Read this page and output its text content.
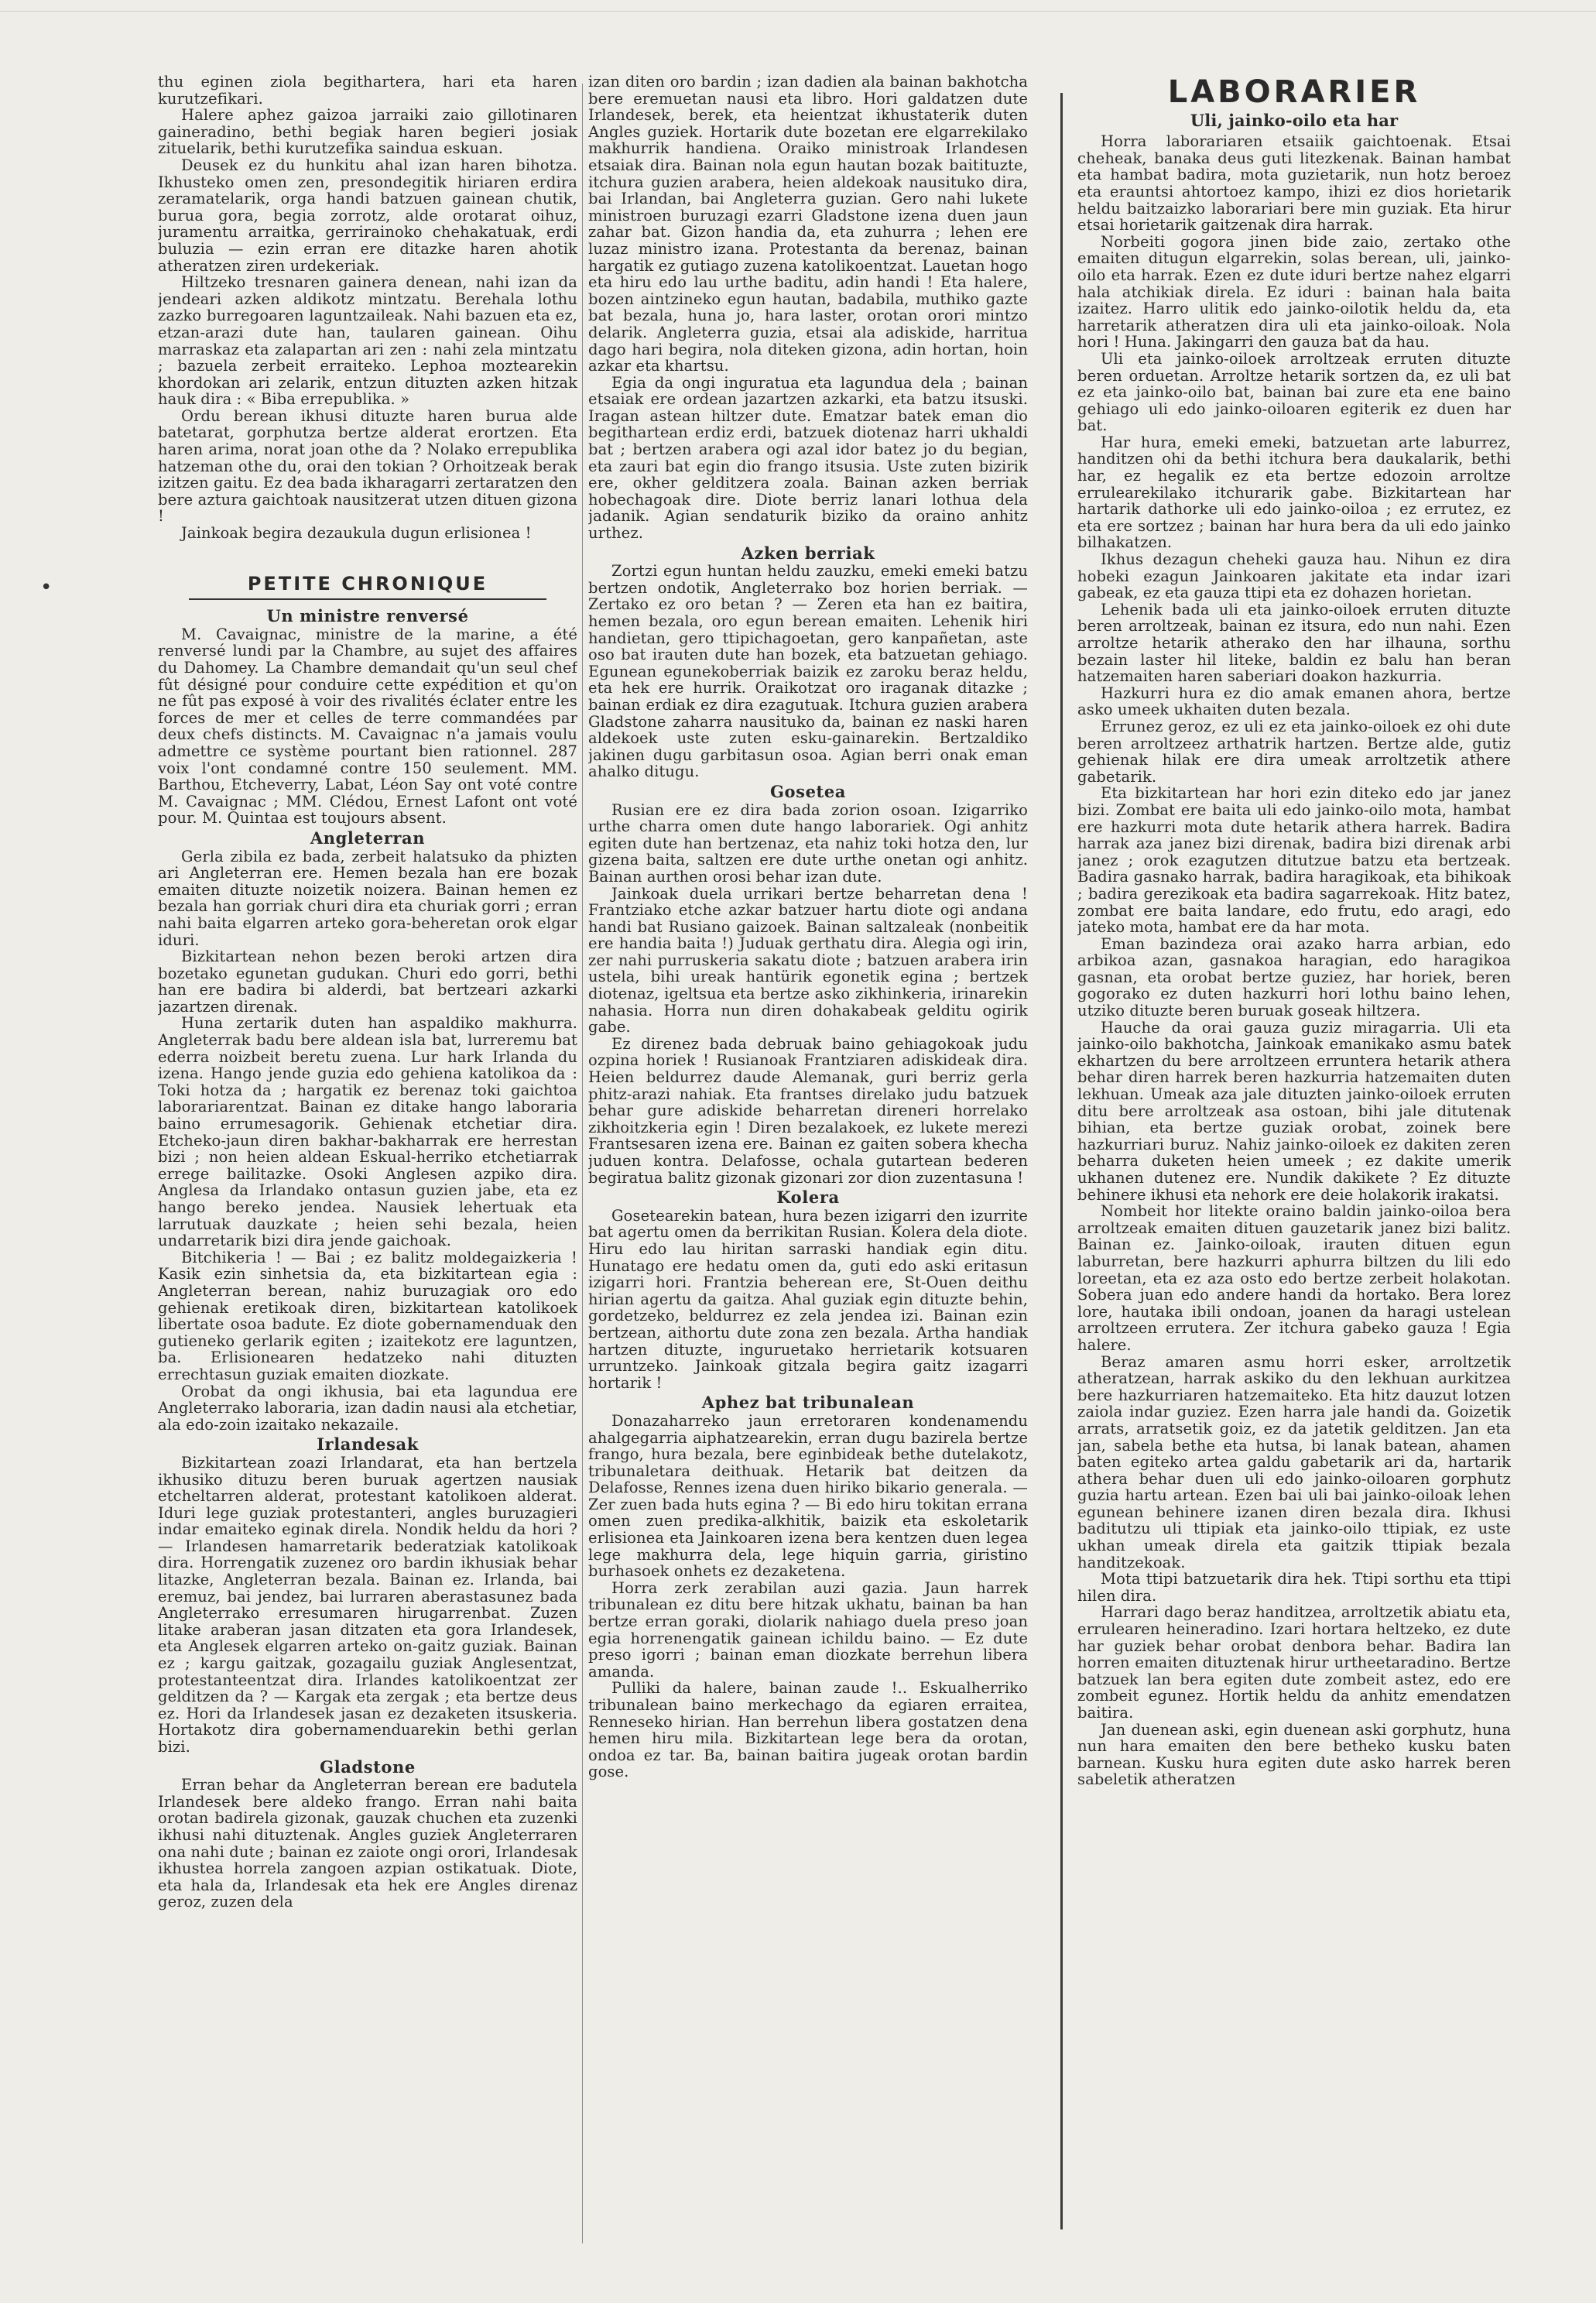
•

thu eginen ziola begithartera, hari eta haren kurutzefikari.

Halere aphez gaizoa jarraiki zaio gillotinaren gaineradino, bethi begiak haren begieri josiak zituelarik, bethi kurutzefika saindua eskuan.

Deusek ez du hunkitu ahal izan haren bihotza. Ikhusteko omen zen, presondegitik hiriaren erdira zeramatelarik, orga handi batzuen gainean chutik, burua gora, begia zorrotz, alde orotarat oihuz, juramentu arraitka, gerrirainoko chehakatuak, erdi buluzia — ezin erran ere ditazke haren ahotik atheratzen ziren urdekeriak.

Hiltzeko tresnaren gainera denean, nahi izan da jendeari azken aldikotz mintzatu. Berehala lothu zazko burregoaren laguntzaileak. Nahi bazuen eta ez, etzan-arazi dute han, taularen gainean. Oihu marraskaz eta zalapartan ari zen : nahi zela mintzatu ; bazuela zerbeit erraiteko. Lephoa moztearekin khordokan ari zelarik, entzun dituzten azken hitzak hauk dira : « Biba errepublika. »

Ordu berean ikhusi dituzte haren burua alde batetarat, gorphutza bertze alderat erortzen. Eta haren arima, norat joan othe da ? Nolako errepublika hatzeman othe du, orai den tokian ? Orhoitzeak berak izitzen gaitu. Ez dea bada ikharagarri zertaratzen den bere aztura gaichtoak nausitzerat utzen dituen gizona !

Jainkoak begira dezaukula dugun erlisionea !

PETITE CHRONIQUE
Un ministre renversé

M. Cavaignac, ministre de la marine, a été renversé lundi par la Chambre, au sujet des affaires du Dahomey. La Chambre demandait qu'un seul chef fût désigné pour conduire cette expédition et qu'on ne fût pas exposé à voir des rivalités éclater entre les forces de mer et celles de terre commandées par deux chefs distincts. M. Cavaignac n'a jamais voulu admettre ce système pourtant bien rationnel. 287 voix l'ont condamné contre 150 seulement. MM. Barthou, Etcheverry, Labat, Léon Say ont voté contre M. Cavaignac ; MM. Clédou, Ernest Lafont ont voté pour. M. Quintaa est toujours absent.

Angleterran

Gerla zibila ez bada, zerbeit halatsuko da phizten ari Angleterran ere. Hemen bezala han ere bozak emaiten dituzte noizetik noizera. Bainan hemen ez bezala han gorriak churi dira eta churiak gorri ; erran nahi baita elgarren arteko gora-beheretan orok elgar iduri.

Bizkitartean nehon bezen beroki artzen dira bozetako egunetan gudukan. Churi edo gorri, bethi han ere badira bi alderdi, bat bertzeari azkarki jazartzen direnak.

Huna zertarik duten han aspaldiko makhurra. Angleterrak badu bere aldean isla bat, lurreremu bat ederra noizbeit beretu zuena. Lur hark Irlanda du izena. Hango jende guzia edo gehiena katolikoa da : Toki hotza da ; hargatik ez berenaz toki gaichtoa laborariarentzat. Bainan ez ditake hango laboraria baino errumesagorik. Gehienak etchetiar dira. Etcheko-jaun diren bakhar-bakharrak ere herrestan bizi ; non heien aldean Eskual-herriko etchetiarrak errege bailitazke. Osoki Anglesen azpiko dira. Anglesa da Irlandako ontasun guzien jabe, eta ez hango bereko jendea. Nausiek lehertuak eta larrutuak dauzkate ; heien sehi bezala, heien undarretarik bizi dira jende gaichoak.

Bitchikeria ! — Bai ; ez balitz moldegaizkeria ! Kasik ezin sinhetsia da, eta bizkitartean egia : Angleterran berean, nahiz buruzagiak oro edo gehienak eretikoak diren, bizkitartean katolikoek libertate osoa badute. Ez diote gobernamenduak den gutieneko gerlarik egiten ; izaitekotz ere laguntzen, ba. Erlisionearen hedatzeko nahi dituzten errechtasun guziak emaiten diozkate.

Orobat da ongi ikhusia, bai eta lagundua ere Angleterrako laboraria, izan dadin nausi ala etchetiar, ala edo-zoin izaitako nekazaile.

Irlandesak

Bizkitartean zoazi Irlandarat, eta han bertzela ikhusiko dituzu beren buruak agertzen nausiak etcheltarren alderat, protestant katolikoen alderat. Iduri lege guziak protestanteri, angles buruzagieri indar emaiteko eginak direla. Nondik heldu da hori ? — Irlandesen hamarretarik bederatziak katolikoak dira. Horrengatik zuzenez oro bardin ikhusiak behar litazke, Angleterran bezala. Bainan ez. Irlanda, bai eremuz, bai jendez, bai lurraren aberastasunez bada Angleterrako erresumaren hirugarrenbat. Zuzen litake araberan jasan ditzaten eta gora Irlandesek, eta Anglesek elgarren arteko on-gaitz guziak. Bainan ez ; kargu gaitzak, gozagailu guziak Anglesentzat, protestanteentzat dira. Irlandes katolikoentzat zer gelditzen da ? — Kargak eta zergak ; eta bertze deus ez. Hori da Irlandesek jasan ez dezaketen itsuskeria. Hortakotz dira gobernamenduarekin bethi gerlan bizi.

Gladstone

Erran behar da Angleterran berean ere badutela Irlandesek bere aldeko frango. Erran nahi baita orotan badirela gizonak, gauzak chuchen eta zuzenki ikhusi nahi dituztenak. Angles guziek Angleterraren ona nahi dute ; bainan ez zaiote ongi orori, Irlandesak ikhustea horrela zangoen azpian ostikatuak. Diote, eta hala da, Irlandesak eta hek ere Angles direnaz geroz, zuzen dela

izan diten oro bardin ; izan dadien ala bainan bakhotcha bere eremuetan nausi eta libro. Hori galdatzen dute Irlandesek, berek, eta heientzat ikhustaterik duten Angles guziek. Hortarik dute bozetan ere elgarrekilako makhurrik handiena. Oraiko ministroak Irlandesen etsaiak dira. Bainan nola egun hautan bozak baitituzte, itchura guzien arabera, heien aldekoak nausituko dira, bai Irlandan, bai Angleterra guzian. Gero nahi lukete ministroen buruzagi ezarri Gladstone izena duen jaun zahar bat. Gizon handia da, eta zuhurra ; lehen ere luzaz ministro izana. Protestanta da berenaz, bainan hargatik ez gutiago zuzena katolikoentzat. Lauetan hogo eta hiru edo lau urthe baditu, adin handi ! Eta halere, bozen aintzineko egun hautan, badabila, muthiko gazte bat bezala, huna jo, hara laster, orotan orori mintzo delarik. Angleterra guzia, etsai ala adiskide, harritua dago hari begira, nola diteken gizona, adin hortan, hoin azkar eta khartsu.

Egia da ongi inguratua eta lagundua dela ; bainan etsaiak ere ordean jazartzen azkarki, eta batzu itsuski. Iragan astean hiltzer dute. Ematzar batek eman dio begithartean erdiz erdi, batzuek diotenaz harri ukhaldi bat ; bertzen arabera ogi azal idor batez jo du begian, eta zauri bat egin dio frango itsusia. Uste zuten bizirik ere, okher gelditzera zoala. Bainan azken berriak hobechagoak dire. Diote berriz lanari lothua dela jadanik. Agian sendaturik biziko da oraino anhitz urthez.

Azken berriak

Zortzi egun huntan heldu zauzku, emeki emeki batzu bertzen ondotik, Angleterrako boz horien berriak. — Zertako ez oro betan ? — Zeren eta han ez baitira, hemen bezala, oro egun berean emaiten. Lehenik hiri handietan, gero ttipichagoetan, gero kanpañetan, aste oso bat irauten dute han bozek, eta batzuetan gehiago. Egunean egunekoberriak baizik ez zaroku beraz heldu, eta hek ere hurrik. Oraikotzat oro iraganak ditazke ; bainan erdiak ez dira ezagutuak. Itchura guzien arabera Gladstone zaharra nausituko da, bainan ez naski haren aldekoek uste zuten esku-gainarekin. Bertzaldiko jakinen dugu garbitasun osoa. Agian berri onak eman ahalko ditugu.

Gosetea

Rusian ere ez dira bada zorion osoan. Izigarriko urthe charra omen dute hango laborariek. Ogi anhitz egiten dute han bertzenaz, eta nahiz toki hotza den, lur gizena baita, saltzen ere dute urthe onetan ogi anhitz. Bainan aurthen orosi behar izan dute.

Jainkoak duela urrikari bertze beharretan dena ! Frantziako etche azkar batzuer hartu diote ogi andana handi bat Rusiano gaizoek. Bainan saltzaleak (nonbeitik ere handia baita !) Juduak gerthatu dira. Alegia ogi irin, zer nahi purruskeria sakatu diote ; batzuen arabera irin ustela, bihi ureak hantürik egonetik egina ; bertzek diotenaz, igeltsua eta bertze asko zikhinkeria, irinarekin nahasia. Horra nun diren dohakabeak gelditu ogirik gabe.

Ez direnez bada debruak baino gehiagokoak judu ozpina horiek ! Rusianoak Frantziaren adiskideak dira. Heien beldurrez daude Alemanak, guri berriz gerla phitz-arazi nahiak. Eta frantses direlako judu batzuek behar gure adiskide beharretan direneri horrelako zikhoitzkeria egin ! Diren bezalakoek, ez lukete merezi Frantsesaren izena ere. Bainan ez gaiten sobera khecha juduen kontra. Delafosse, ochala gutartean bederen begiratua balitz gizonak gizonari zor dion zuzentasuna !

Kolera

Gosetearekin batean, hura bezen izigarri den izurrite bat agertu omen da berrikitan Rusian. Kolera dela diote. Hiru edo lau hiritan sarraski handiak egin ditu. Hunatago ere hedatu omen da, guti edo aski eritasun izigarri hori. Frantzia beherean ere, St-Ouen deithu hirian agertu da gaitza. Ahal guziak egin dituzte behin, gordetzeko, beldurrez ez zela jendea izi. Bainan ezin bertzean, aithortu dute zona zen bezala. Artha handiak hartzen dituzte, inguruetako herrietarik kotsuaren urruntzeko. Jainkoak gitzala begira gaitz izagarri hortarik !

Aphez bat tribunalean

Donazaharreko jaun erretoraren kondenamendu ahalgegarria aiphatzearekin, erran dugu bazirela bertze frango, hura bezala, bere eginbideak bethe dutelakotz, tribunaletara deithuak. Hetarik bat deitzen da Delafosse, Rennes izena duen hiriko bikario generala. — Zer zuen bada huts egina ? — Bi edo hiru tokitan errana omen zuen predika-alkhitik, baizik eta eskoletarik erlisionea eta Jainkoaren izena bera kentzen duen legea lege makhurra dela, lege hiquin garria, giristino burhasoek onhets ez dezaketena.

Horra zerk zerabilan auzi gazia. Jaun harrek tribunalean ez ditu bere hitzak ukhatu, bainan ba han bertze erran goraki, diolarik nahiago duela preso joan egia horrenengatik gainean ichildu baino. — Ez dute preso igorri ; bainan eman diozkate berrehun libera amanda.

Pulliki da halere, bainan zaude !.. Eskualherriko tribunalean baino merkechago da egiaren erraitea, Renneseko hirian. Han berrehun libera gostatzen dena hemen hiru mila. Bizkitartean lege bera da orotan, ondoa ez tar. Ba, bainan baitira jugeak orotan bardin gose.

LABORARIER
Uli, jainko-oilo eta har

Horra laborariaren etsaiik gaichtoenak. Etsai cheheak, banaka deus guti litezkenak. Bainan hambat eta hambat badira, mota guzietarik, nun hotz beroez eta erauntsi ahtortoez kampo, ihizi ez dios horietarik heldu baitzaizko laborariari bere min guziak. Eta hirur etsai horietarik gaitzenak dira harrak.

Norbeiti gogora jinen bide zaio, zertako othe emaiten ditugun elgarrekin, solas berean, uli, jainko-oilo eta harrak. Ezen ez dute iduri bertze nahez elgarri hala atchikiak direla. Ez iduri : bainan hala baita izaitez. Harro ulitik edo jainko-oilotik heldu da, eta harretarik atheratzen dira uli eta jainko-oiloak. Nola hori ! Huna. Jakingarri den gauza bat da hau.

Uli eta jainko-oiloek arroltzeak erruten dituzte beren orduetan. Arroltze hetarik sortzen da, ez uli bat ez eta jainko-oilo bat, bainan bai zure eta ene baino gehiago uli edo jainko-oiloaren egiterik ez duen har bat.

Har hura, emeki emeki, batzuetan arte laburrez, handitzen ohi da bethi itchura bera daukalarik, bethi har, ez hegalik ez eta bertze edozoin arroltze errulearekilako itchurarik gabe. Bizkitartean har hartarik dathorke uli edo jainko-oiloa ; ez errutez, ez eta ere sortzez ; bainan har hura bera da uli edo jainko bilhakatzen.

Ikhus dezagun cheheki gauza hau. Nihun ez dira hobeki ezagun Jainkoaren jakitate eta indar izari gabeak, ez eta gauza ttipi eta ez dohazen horietan.

Lehenik bada uli eta jainko-oiloek erruten dituzte beren arroltzeak, bainan ez itsura, edo nun nahi. Ezen arroltze hetarik atherako den har ilhauna, sorthu bezain laster hil liteke, baldin ez balu han beran hatzemaiten haren saberiari doakon hazkurria.

Hazkurri hura ez dio amak emanen ahora, bertze asko umeek ukhaiten duten bezala.

Errunez geroz, ez uli ez eta jainko-oiloek ez ohi dute beren arroltzeez arthatrik hartzen. Bertze alde, gutiz gehienak hilak ere dira umeak arroltzetik athere gabetarik.

Eta bizkitartean har hori ezin diteko edo jar janez bizi. Zombat ere baita uli edo jainko-oilo mota, hambat ere hazkurri mota dute hetarik athera harrek. Badira harrak aza janez bizi direnak, badira bizi direnak arbi janez ; orok ezagutzen ditutzue batzu eta bertzeak. Badira gasnako harrak, badira haragikoak, eta bihikoak ; badira gerezikoak eta badira sagarrekoak. Hitz batez, zombat ere baita landare, edo frutu, edo aragi, edo jateko mota, hambat ere da har mota.

Eman bazindeza orai azako harra arbian, edo arbikoa azan, gasnakoa haragian, edo haragikoa gasnan, eta orobat bertze guziez, har horiek, beren gogorako ez duten hazkurri hori lothu baino lehen, utziko dituzte beren buruak goseak hiltzera.

Hauche da orai gauza guziz miragarria. Uli eta jainko-oilo bakhotcha, Jainkoak emanikako asmu batek ekhartzen du bere arroltzeen erruntera hetarik athera behar diren harrek beren hazkurria hatzemaiten duten lekhuan. Umeak aza jale dituzten jainko-oiloek erruten ditu bere arroltzeak asa ostoan, bihi jale ditutenak bihian, eta bertze guziak orobat, zoinek bere hazkurriari buruz. Nahiz jainko-oiloek ez dakiten zeren beharra duketen heien umeek ; ez dakite umerik ukhanen dutenez ere. Nundik dakikete ? Ez dituzte behinere ikhusi eta nehork ere deie holakorik irakatsi.

Nombeit hor litekte oraino baldin jainko-oiloa bera arroltzeak emaiten dituen gauzetarik janez bizi balitz. Bainan ez. Jainko-oiloak, irauten dituen egun laburretan, bere hazkurri aphurra biltzen du lili edo loreetan, eta ez aza osto edo bertze zerbeit holakotan. Sobera juan edo andere handi da hortako. Bera lorez lore, hautaka ibili ondoan, joanen da haragi ustelean arroltzeen errutera. Zer itchura gabeko gauza ! Egia halere.

Beraz amaren asmu horri esker, arroltzetik atheratzean, harrak askiko du den lekhuan aurkitzea bere hazkurriaren hatzemaiteko. Eta hitz dauzut lotzen zaiola indar guziez. Ezen harra jale handi da. Goizetik arrats, arratsetik goiz, ez da jatetik gelditzen. Jan eta jan, sabela bethe eta hutsa, bi lanak batean, ahamen baten egiteko artea galdu gabetarik ari da, hartarik athera behar duen uli edo jainko-oiloaren gorphutz guzia hartu artean. Ezen bai uli bai jainko-oiloak lehen egunean behinere izanen diren bezala dira. Ikhusi baditutzu uli ttipiak eta jainko-oilo ttipiak, ez uste ukhan umeak direla eta gaitzik ttipiak bezala handitzekoak.

Mota ttipi batzuetarik dira hek. Ttipi sorthu eta ttipi hilen dira.

Harrari dago beraz handitzea, arroltzetik abiatu eta, errulearen heineradino. Izari hortara heltzeko, ez dute har guziek behar orobat denbora behar. Badira lan horren emaiten dituztenak hirur urtheetaradino. Bertze batzuek lan bera egiten dute zombeit astez, edo ere zombeit egunez. Hortik heldu da anhitz emendatzen baitira.

Jan duenean aski, egin duenean aski gorphutz, huna nun hara emaiten den bere betheko kusku baten barnean. Kusku hura egiten dute asko harrek beren sabeletik atheratzen
